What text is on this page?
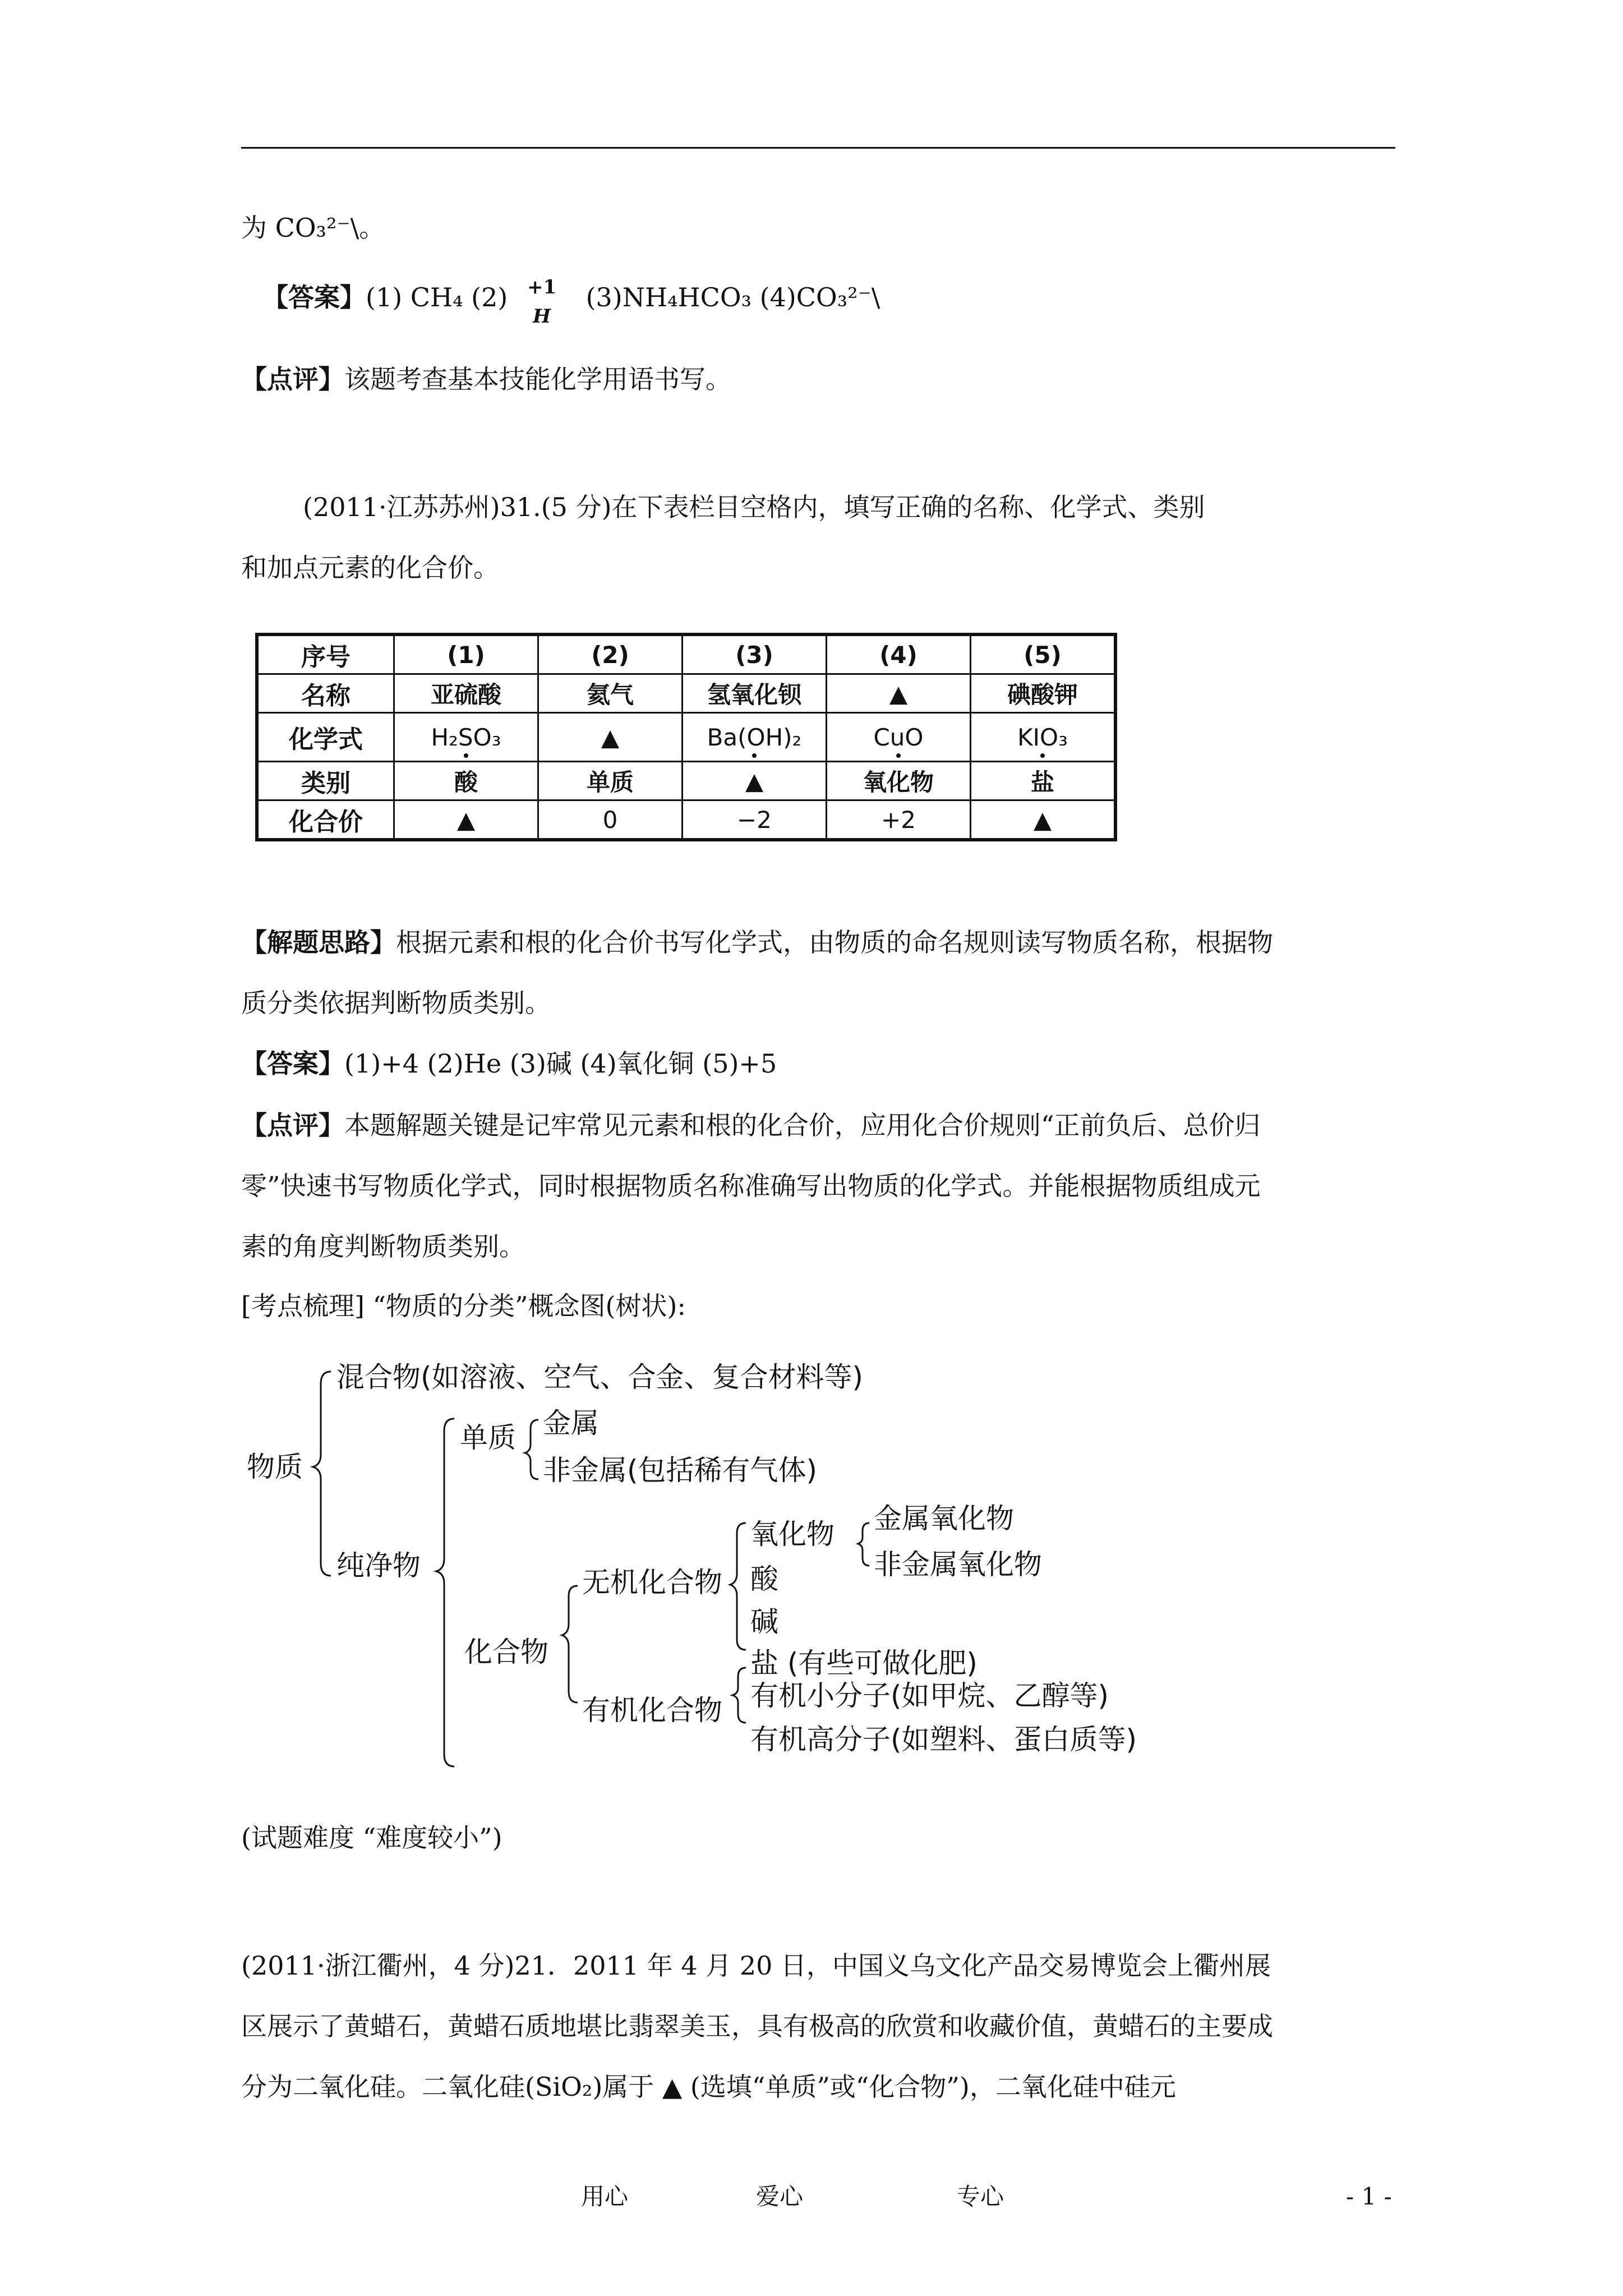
为 CO₃²⁻\。
【答案】(1) CH₄ (2) +1
H
(3)NH₄HCO₃ (4)CO₃²⁻\
【点评】该题考查基本技能化学用语书写。
(2011·江苏苏州)31.(5 分)在下表栏目空格内，填写正确的名称、化学式、类别
和加点元素的化合价。
序号	(1)	(2)	(3)	(4)	(5)
名称	亚硫酸	氦气	氢氧化钡	▲	碘酸钾
化学式	H₂SO₃	▲	Ba(OH)₂	CuO	KIO₃
类别	酸	单质	▲	氧化物	盐
化合价	▲	0	−2	+2	▲
【解题思路】根据元素和根的化合价书写化学式，由物质的命名规则读写物质名称，根据物
质分类依据判断物质类别。
【答案】(1)+4 (2)He (3)碱 (4)氧化铜 (5)+5
【点评】本题解题关键是记牢常见元素和根的化合价，应用化合价规则“正前负后、总价归
零”快速书写物质化学式，同时根据物质名称准确写出物质的化学式。并能根据物质组成元
素的角度判断物质类别。
[考点梳理] “物质的分类”概念图(树状):
混合物(如溶液、空气、合金、复合材料等)
物质
纯净物
单质 金属
非金属(包括稀有气体)
化合物
无机化合物
氧化物 金属氧化物
非金属氧化物
酸
碱
盐 (有些可做化肥)
有机化合物 有机小分子(如甲烷、乙醇等)
有机高分子(如塑料、蛋白质等)
(试题难度 “难度较小”)
(2011·浙江衢州，4 分)21．2011 年 4 月 20 日，中国义乌文化产品交易博览会上衢州展
区展示了黄蜡石，黄蜡石质地堪比翡翠美玉，具有极高的欣赏和收藏价值，黄蜡石的主要成
分为二氧化硅。二氧化硅(SiO₂)属于 ▲ (选填“单质”或“化合物”)，二氧化硅中硅元
用心	爱心	专心	- 1 -
